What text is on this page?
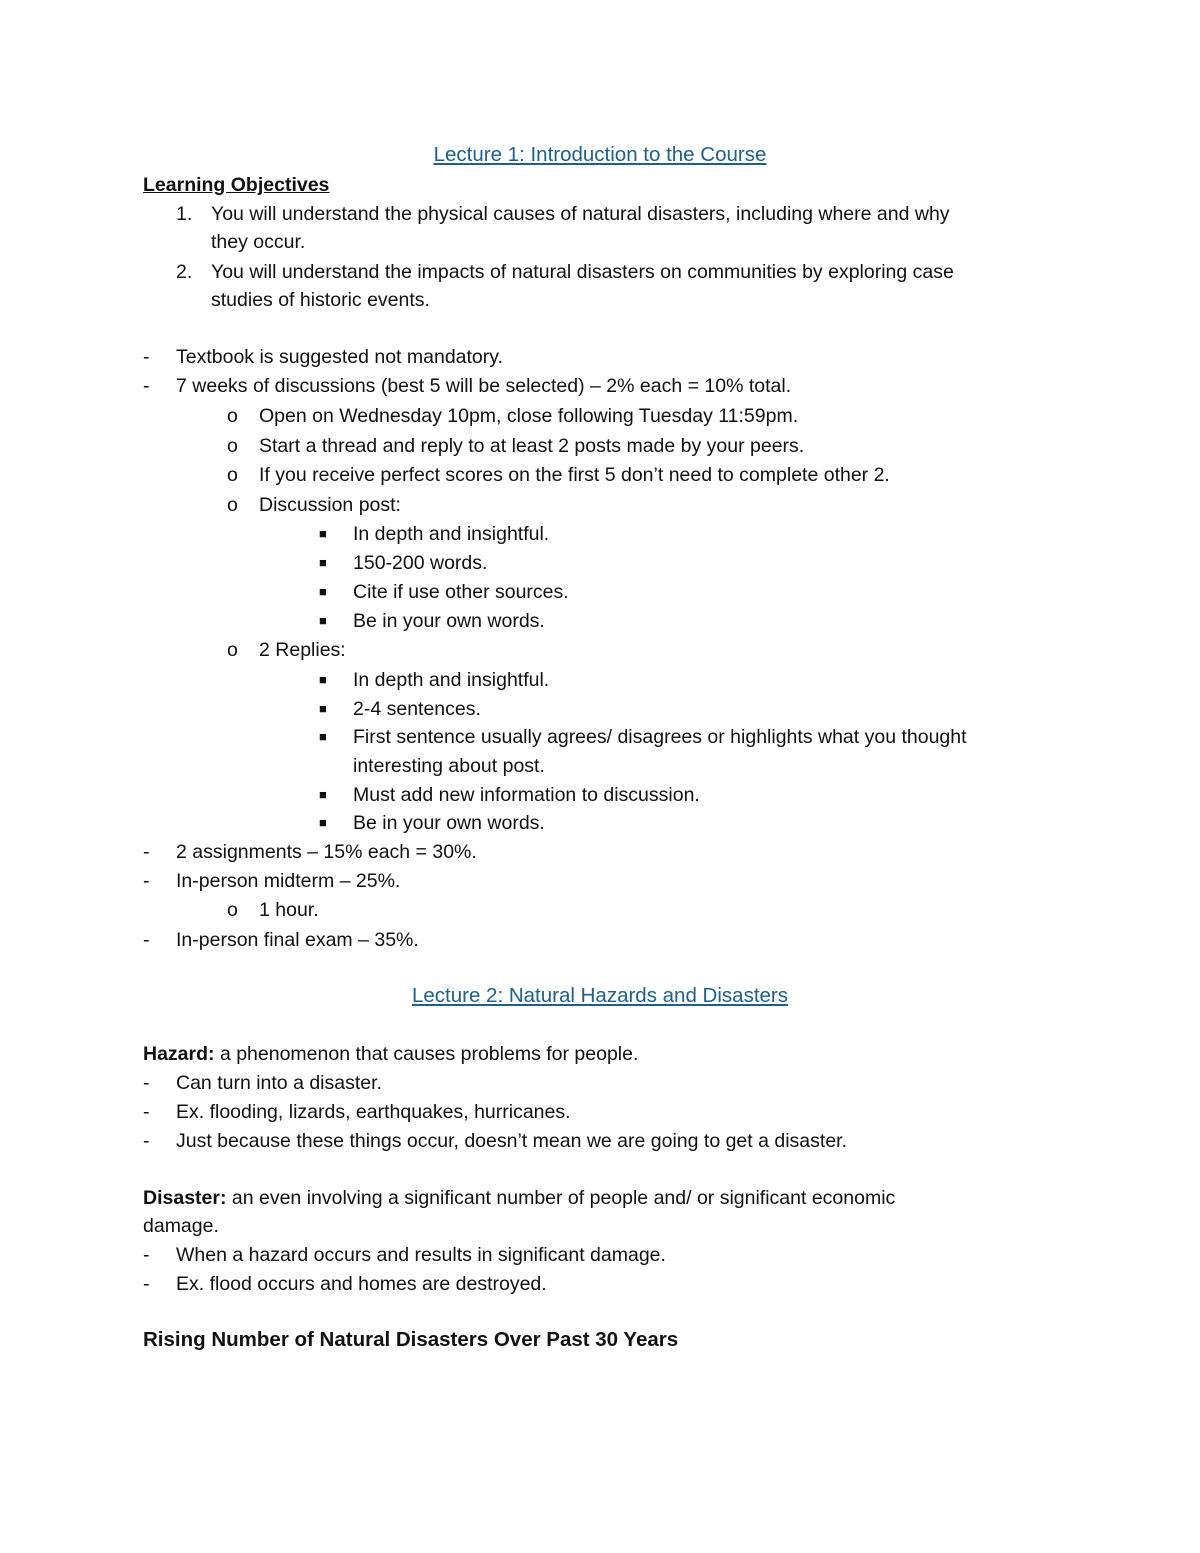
Lecture 1: Introduction to the Course
Learning Objectives
1. You will understand the physical causes of natural disasters, including where and why
they occur.
2. You will understand the impacts of natural disasters on communities by exploring case
studies of historic events.
- Textbook is suggested not mandatory.
- 7 weeks of discussions (best 5 will be selected) – 2% each = 10% total.
o Open on Wednesday 10pm, close following Tuesday 11:59pm.
o Start a thread and reply to at least 2 posts made by your peers.
o If you receive perfect scores on the first 5 don’t need to complete other 2.
o Discussion post:
■ In depth and insightful.
■ 150-200 words.
■ Cite if use other sources.
■ Be in your own words.
o 2 Replies:
■ In depth and insightful.
■ 2-4 sentences.
■ First sentence usually agrees/ disagrees or highlights what you thought
interesting about post.
■ Must add new information to discussion.
■ Be in your own words.
- 2 assignments – 15% each = 30%.
- In-person midterm – 25%.
o 1 hour.
- In-person final exam – 35%.
Lecture 2: Natural Hazards and Disasters
Hazard: a phenomenon that causes problems for people.
- Can turn into a disaster.
- Ex. flooding, lizards, earthquakes, hurricanes.
- Just because these things occur, doesn’t mean we are going to get a disaster.
Disaster: an even involving a significant number of people and/ or significant economic
damage.
- When a hazard occurs and results in significant damage.
- Ex. flood occurs and homes are destroyed.
Rising Number of Natural Disasters Over Past 30 Years
